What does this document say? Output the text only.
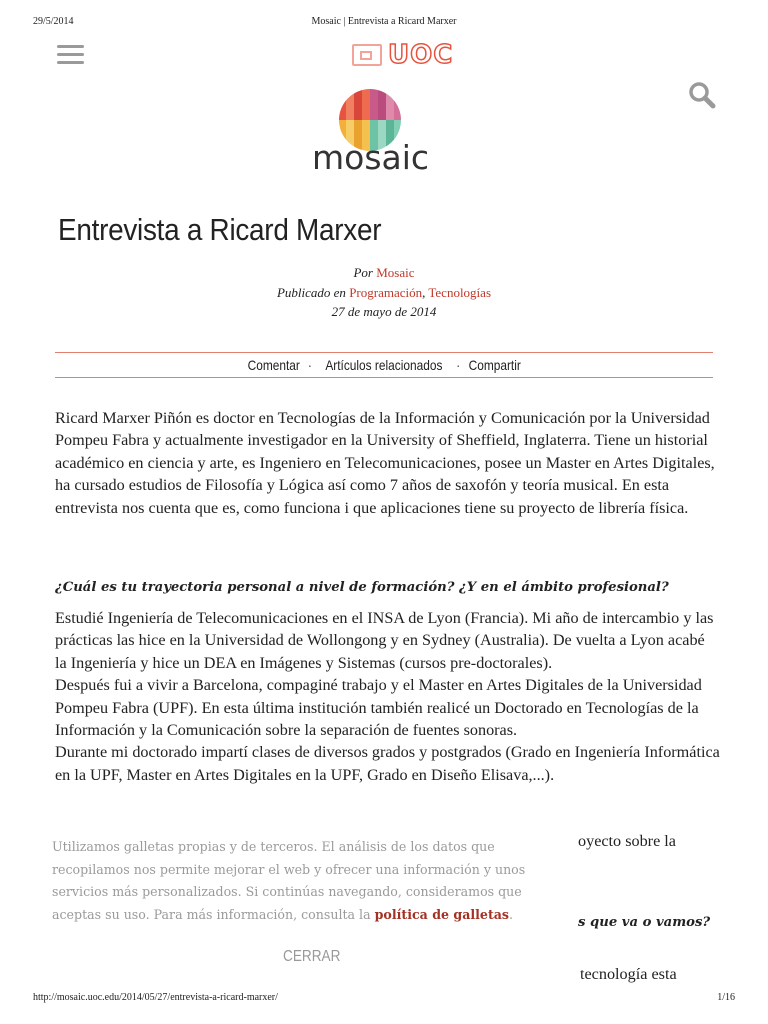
29/5/2014	Mosaic | Entrevista a Ricard Marxer
UOC
mosaic
Entrevista a Ricard Marxer
Por Mosaic
Publicado en Programación, Tecnologías
27 de mayo de 2014
Comentar · Artículos relacionados · Compartir

Ricard Marxer Piñón es doctor en Tecnologías de la Información y Comunicación por la Universidad Pompeu Fabra y actualmente investigador en la University of Sheffield, Inglaterra. Tiene un historial académico en ciencia y arte, es Ingeniero en Telecomunicaciones, posee un Master en Artes Digitales, ha cursado estudios de Filosofía y Lógica así como 7 años de saxofón y teoría musical. En esta entrevista nos cuenta que es, como funciona i que aplicaciones tiene su proyecto de librería física.

¿Cuál es tu trayectoria personal a nivel de formación? ¿Y en el ámbito profesional?

Estudié Ingeniería de Telecomunicaciones en el INSA de Lyon (Francia). Mi año de intercambio y las prácticas las hice en la Universidad de Wollongong y en Sydney (Australia). De vuelta a Lyon acabé la Ingeniería y hice un DEA en Imágenes y Sistemas (cursos pre-doctorales).

Después fui a vivir a Barcelona, compaginé trabajo y el Master en Artes Digitales de la Universidad Pompeu Fabra (UPF). En esta última institución también realicé un Doctorado en Tecnologías de la Información y la Comunicación sobre la separación de fuentes sonoras.

Durante mi doctorado impartí clases de diversos grados y postgrados (Grado en Ingeniería Informática en la UPF, Master en Artes Digitales en la UPF, Grado en Diseño Elisava,...).

oyecto sobre la
s que va o vamos?
tecnología esta
Utilizamos galletas propias y de terceros. El análisis de los datos que recopilamos nos permite mejorar el web y ofrecer una información y unos servicios más personalizados. Si continúas navegando, consideramos que aceptas su uso. Para más información, consulta la política de galletas.
CERRAR
http://mosaic.uoc.edu/2014/05/27/entrevista-a-ricard-marxer/	1/16
